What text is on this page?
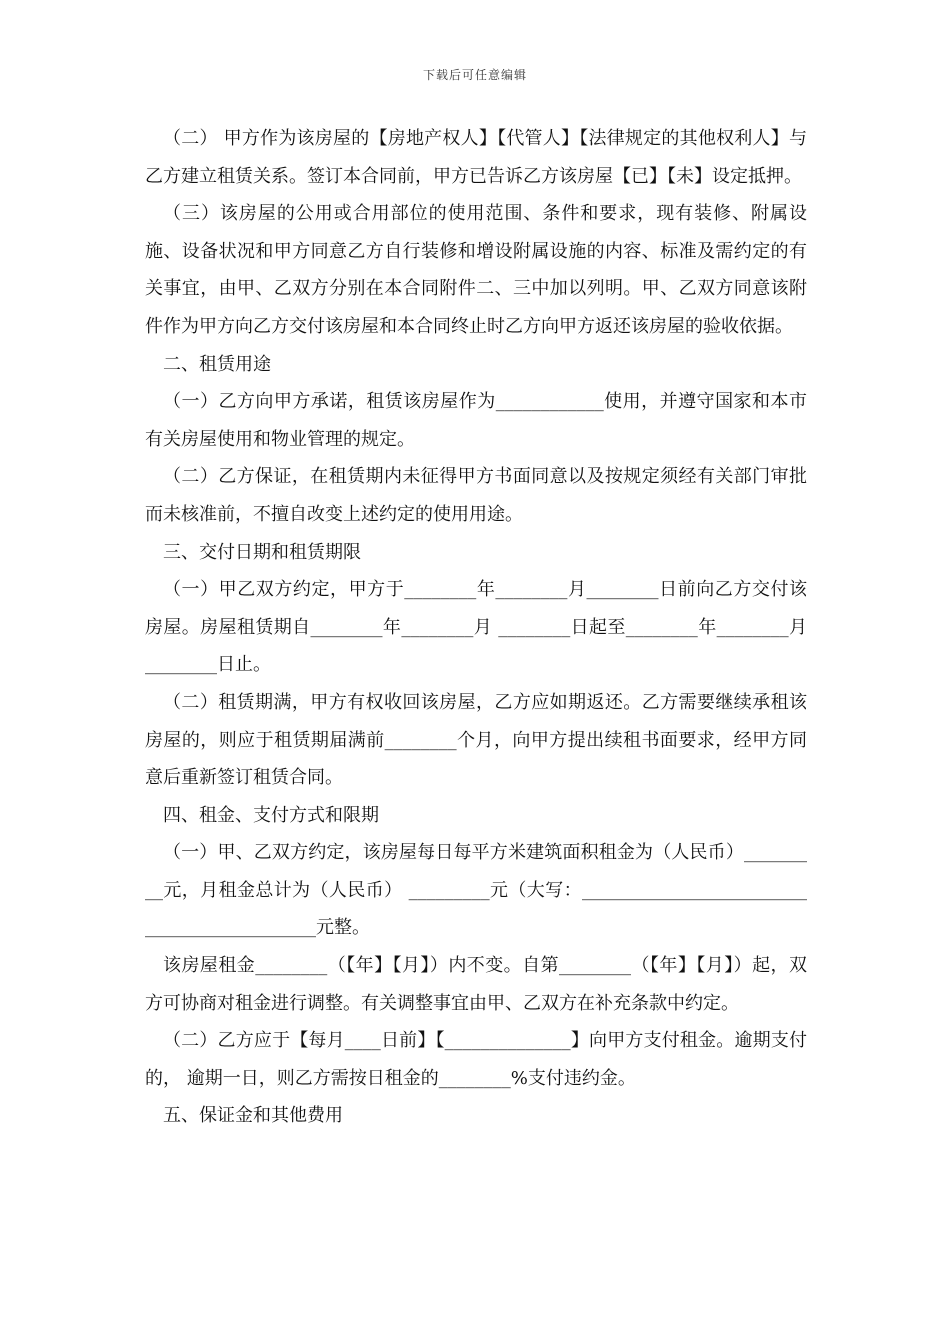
下载后可任意编辑

（二） 甲方作为该房屋的【房地产权人】【代管人】【法律规定的其他权利人】与乙方建立租赁关系。签订本合同前，甲方已告诉乙方该房屋【已】【未】设定抵押。

（三）该房屋的公用或合用部位的使用范围、条件和要求，现有装修、附属设施、设备状况和甲方同意乙方自行装修和增设附属设施的内容、标准及需约定的有关事宜，由甲、乙双方分别在本合同附件二、三中加以列明。甲、乙双方同意该附件作为甲方向乙方交付该房屋和本合同终止时乙方向甲方返还该房屋的验收依据。

二、租赁用途

（一）乙方向甲方承诺，租赁该房屋作为____________使用，并遵守国家和本市有关房屋使用和物业管理的规定。

（二）乙方保证，在租赁期内未征得甲方书面同意以及按规定须经有关部门审批而未核准前，不擅自改变上述约定的使用用途。

三、交付日期和租赁期限

（一）甲乙双方约定，甲方于________年________月________日前向乙方交付该房屋。房屋租赁期自________年________月 ________日起至________年________月________日止。

（二）租赁期满，甲方有权收回该房屋，乙方应如期返还。乙方需要继续承租该房屋的，则应于租赁期届满前________个月，向甲方提出续租书面要求，经甲方同意后重新签订租赁合同。

四、租金、支付方式和限期

（一）甲、乙双方约定，该房屋每日每平方米建筑面积租金为（人民币）_________元，月租金总计为（人民币） _________元（大写：____________________________________________元整。

该房屋租金________（【年】【月】）内不变。自第________（【年】【月】）起，双方可协商对租金进行调整。有关调整事宜由甲、乙双方在补充条款中约定。

（二）乙方应于【每月____日前】【______________】向甲方支付租金。逾期支付的， 逾期一日，则乙方需按日租金的________%支付违约金。

五、保证金和其他费用
